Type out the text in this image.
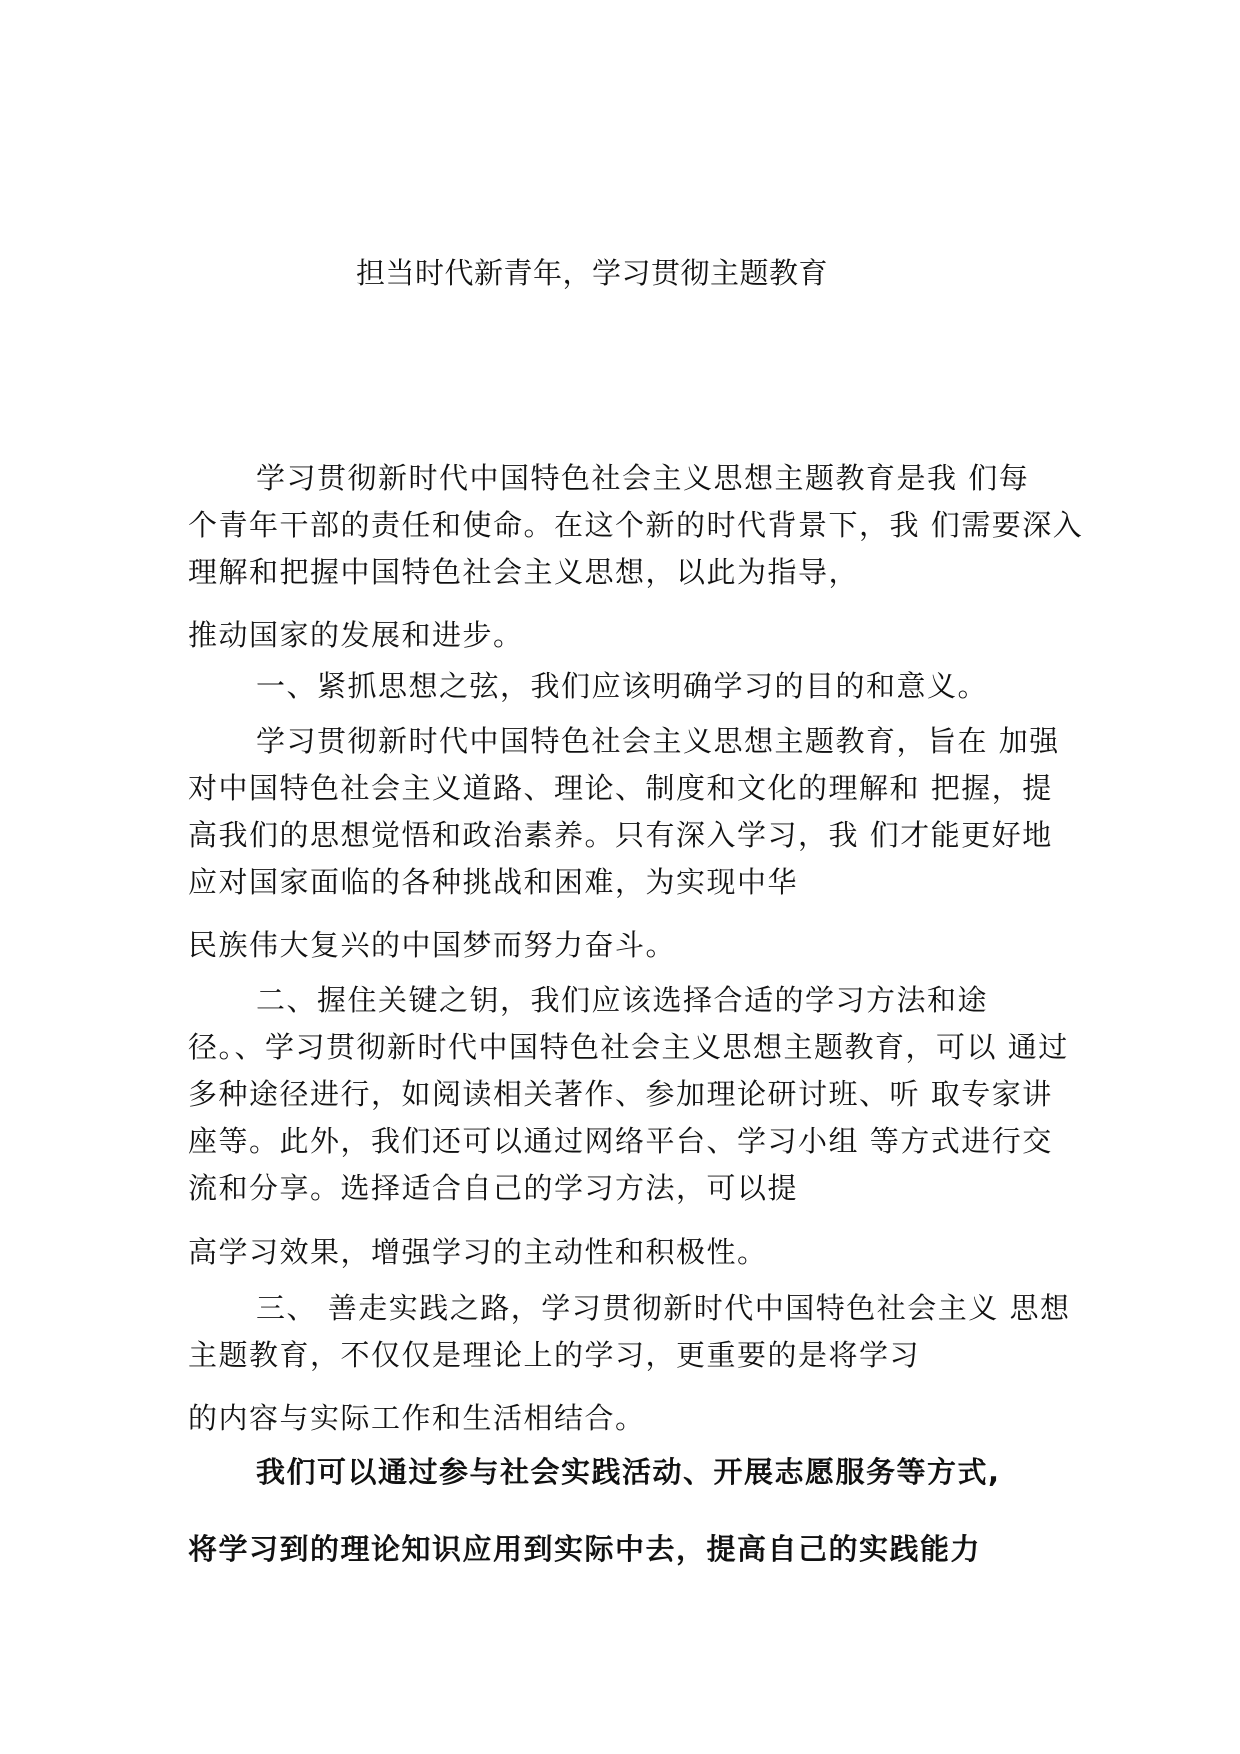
担当时代新青年，学习贯彻主题教育
学习贯彻新时代中国特色社会主义思想主题教育是我 们每
个青年干部的责任和使命。在这个新的时代背景下，我 们需要深入
理解和把握中国特色社会主义思想，以此为指导，
推动国家的发展和进步。
一、紧抓思想之弦，我们应该明确学习的目的和意义。
学习贯彻新时代中国特色社会主义思想主题教育，旨在 加强
对中国特色社会主义道路、理论、制度和文化的理解和 把握，提
高我们的思想觉悟和政治素养。只有深入学习，我 们才能更好地
应对国家面临的各种挑战和困难，为实现中华
民族伟大复兴的中国梦而努力奋斗。
二、握住关键之钥，我们应该选择合适的学习方法和途
径。、学习贯彻新时代中国特色社会主义思想主题教育，可以 通过
多种途径进行，如阅读相关著作、参加理论研讨班、听 取专家讲
座等。此外，我们还可以通过网络平台、学习小组 等方式进行交
流和分享。选择适合自己的学习方法，可以提
高学习效果，增强学习的主动性和积极性。
三、 善走实践之路，学习贯彻新时代中国特色社会主义 思想
主题教育，不仅仅是理论上的学习，更重要的是将学习
的内容与实际工作和生活相结合。
我们可以通过参与社会实践活动、开展志愿服务等方式,
将学习到的理论知识应用到实际中去，提高自己的实践能力
